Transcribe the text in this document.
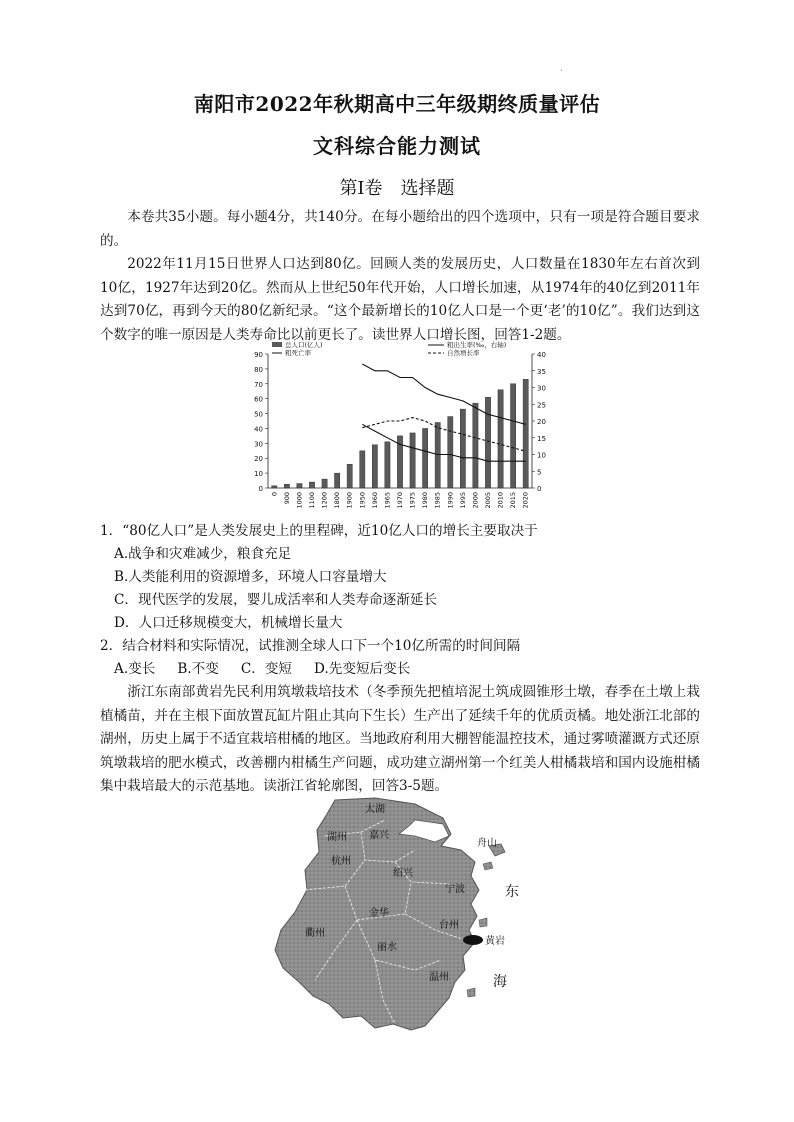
·
南阳市2022年秋期高中三年级期终质量评估
文科综合能力测试
第Ⅰ卷 选择题

本卷共35小题。每小题4分，共140分。在每小题给出的四个选项中，只有一项是符合题目要求的。

2022年11月15日世界人口达到80亿。回顾人类的发展历史，人口数量在1830年左右首次到10亿，1927年达到20亿。然而从上世纪50年代开始，人口增长加速，从1974年的40亿到2011年达到70亿，再到今天的80亿新纪录。“这个最新增长的10亿人口是一个更‘老’的10亿”。我们达到这个数字的唯一原因是人类寿命比以前更长了。读世界人口增长图，回答1-2题。

0
10
20
30
40
50
60
70
80
90
0
5
10
15
20
25
30
35
40
0 900 1000 1100 1200 1800 1900 1950 1960 1965 1970 1975 1980 1985 1990 1995 2000 2005 2010 2015 2020
总人口(亿人)
粗死亡率
粗出生率(‰，右轴)
自然增长率

1．“80亿人口”是人类发展史上的里程碑，近10亿人口的增长主要取决于

A.战争和灾难减少，粮食充足
B.人类能利用的资源增多，环境人口容量增大
C．现代医学的发展，婴儿成活率和人类寿命逐渐延长
D．人口迁移规模变大，机械增长量大

2．结合材料和实际情况，试推测全球人口下一个10亿所需的时间间隔

A.变长 B.不变 C．变短 D.先变短后变长

浙江东南部黄岩先民利用筑墩栽培技术（冬季预先把植培泥土筑成圆锥形土墩，春季在土墩上栽植橘苗，并在主根下面放置瓦缸片阻止其向下生长）生产出了延续千年的优质贡橘。地处浙江北部的湖州，历史上属于不适宜栽培柑橘的地区。当地政府利用大棚智能温控技术，通过雾喷灌溉方式还原筑墩栽培的肥水模式，改善棚内柑橘生产问题，成功建立湖州第一个红美人柑橘栽培和国内设施柑橘集中栽培最大的示范基地。读浙江省轮廓图，回答3-5题。

太湖
湖州 嘉兴
杭州
绍兴
舟山
宁波	东
衢州
金华
台州
黄岩
丽水
温州	海
